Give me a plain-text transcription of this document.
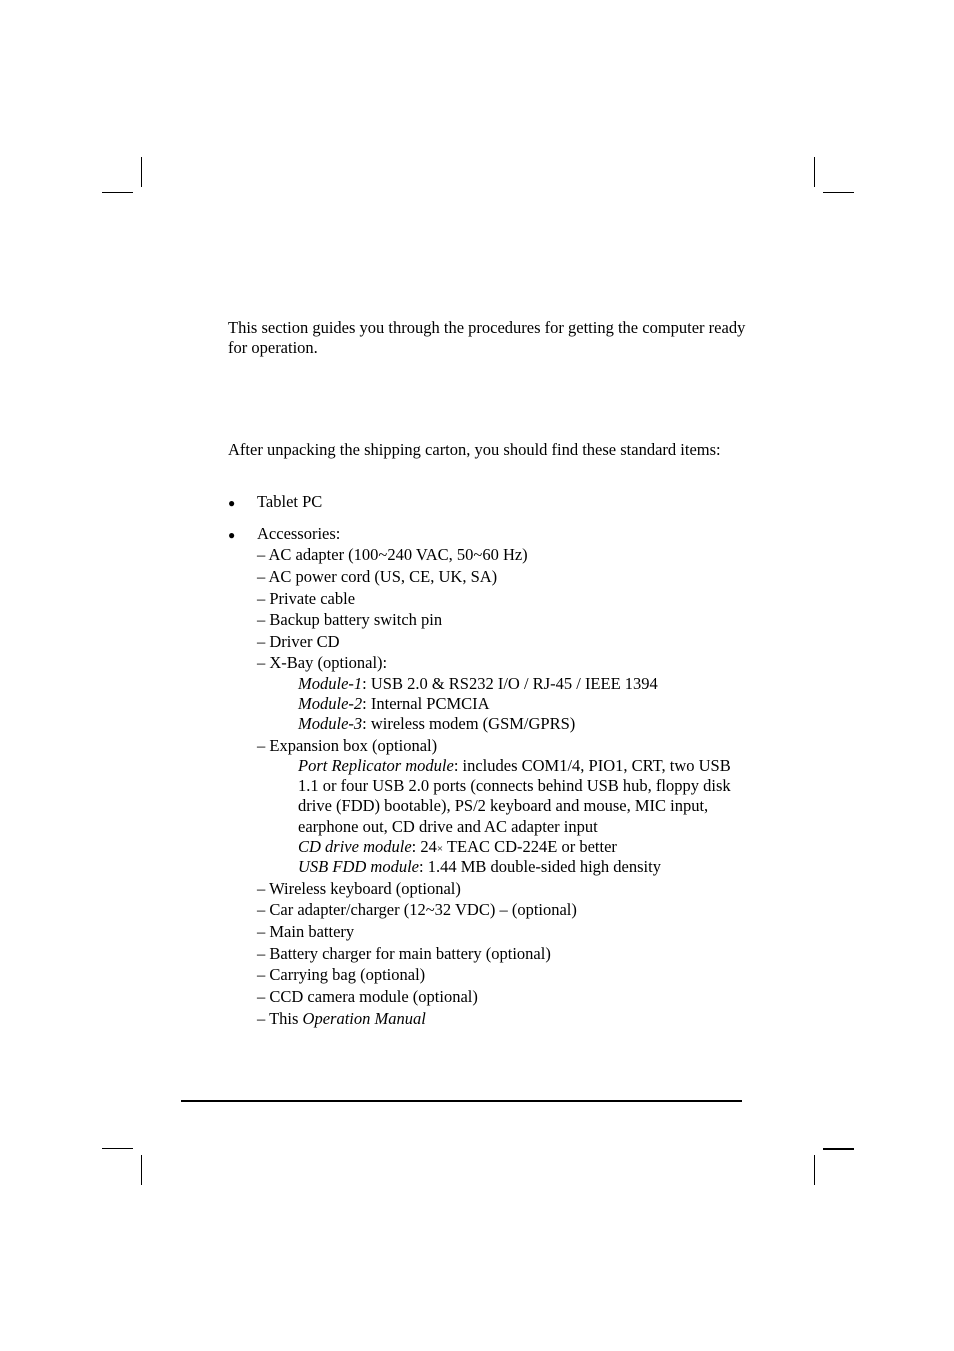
This section guides you through the procedures for getting the computer ready for operation.

After unpacking the shipping carton, you should find these standard items:

● Tablet PC
● Accessories:
– AC adapter (100~240 VAC, 50~60 Hz)
– AC power cord (US, CE, UK, SA)
– Private cable
– Backup battery switch pin
– Driver CD
– X-Bay (optional):
Module-1: USB 2.0 & RS232 I/O / RJ-45 / IEEE 1394
Module-2: Internal PCMCIA
Module-3: wireless modem (GSM/GPRS)
– Expansion box (optional)
Port Replicator module: includes COM1/4, PIO1, CRT, two USB 1.1 or four USB 2.0 ports (connects behind USB hub, floppy disk drive (FDD) bootable), PS/2 keyboard and mouse, MIC input, earphone out, CD drive and AC adapter input
CD drive module: 24× TEAC CD-224E or better
USB FDD module: 1.44 MB double-sided high density
– Wireless keyboard (optional)
– Car adapter/charger (12~32 VDC) – (optional)
– Main battery
– Battery charger for main battery (optional)
– Carrying bag (optional)
– CCD camera module (optional)
– This Operation Manual
